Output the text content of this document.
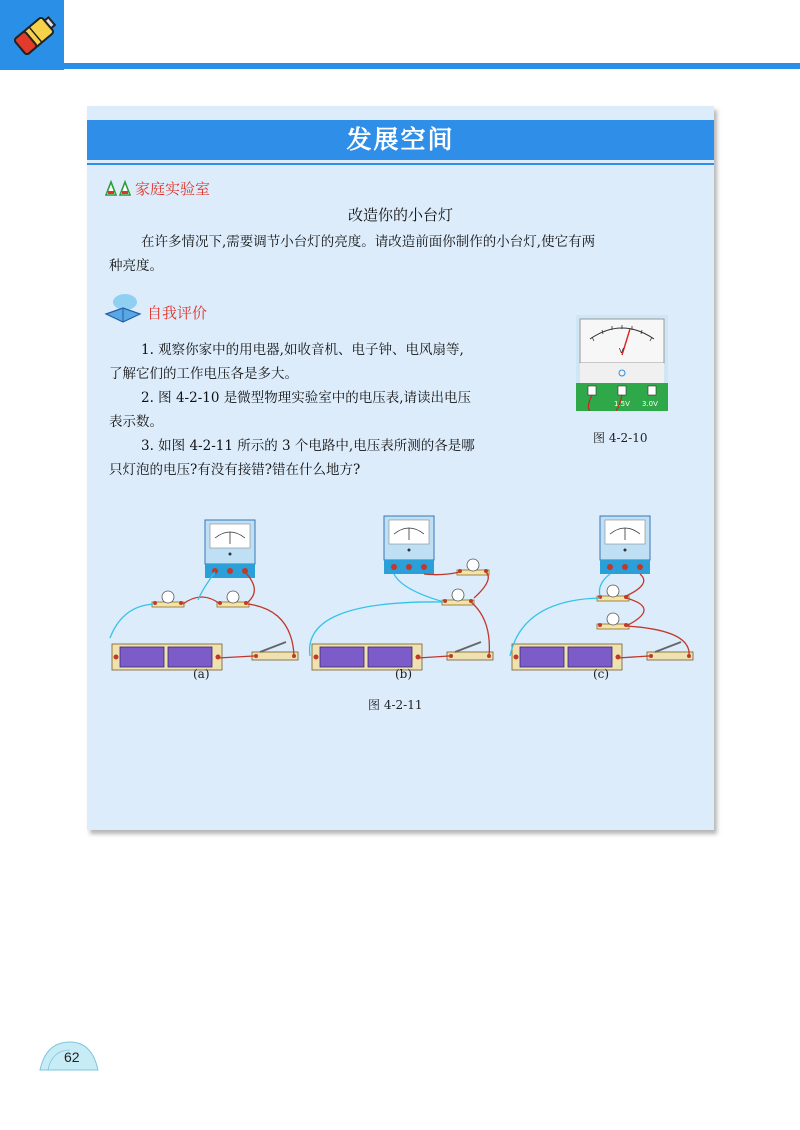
发展空间
家庭实验室
改造你的小台灯
在许多情况下,需要调节小台灯的亮度。请改造前面你制作的小台灯,使它有两
种亮度。
自我评价
1. 观察你家中的用电器,如收音机、电子钟、电风扇等,
了解它们的工作电压各是多大。
2. 图 4-2-10 是微型物理实验室中的电压表,请读出电压
表示数。
3. 如图 4-2-11 所示的 3 个电路中,电压表所测的各是哪
只灯泡的电压?有没有接错?错在什么地方?
V
1.5V 3.0V
图 4-2-10
(a)	(b)	(c)
图 4-2-11
62
